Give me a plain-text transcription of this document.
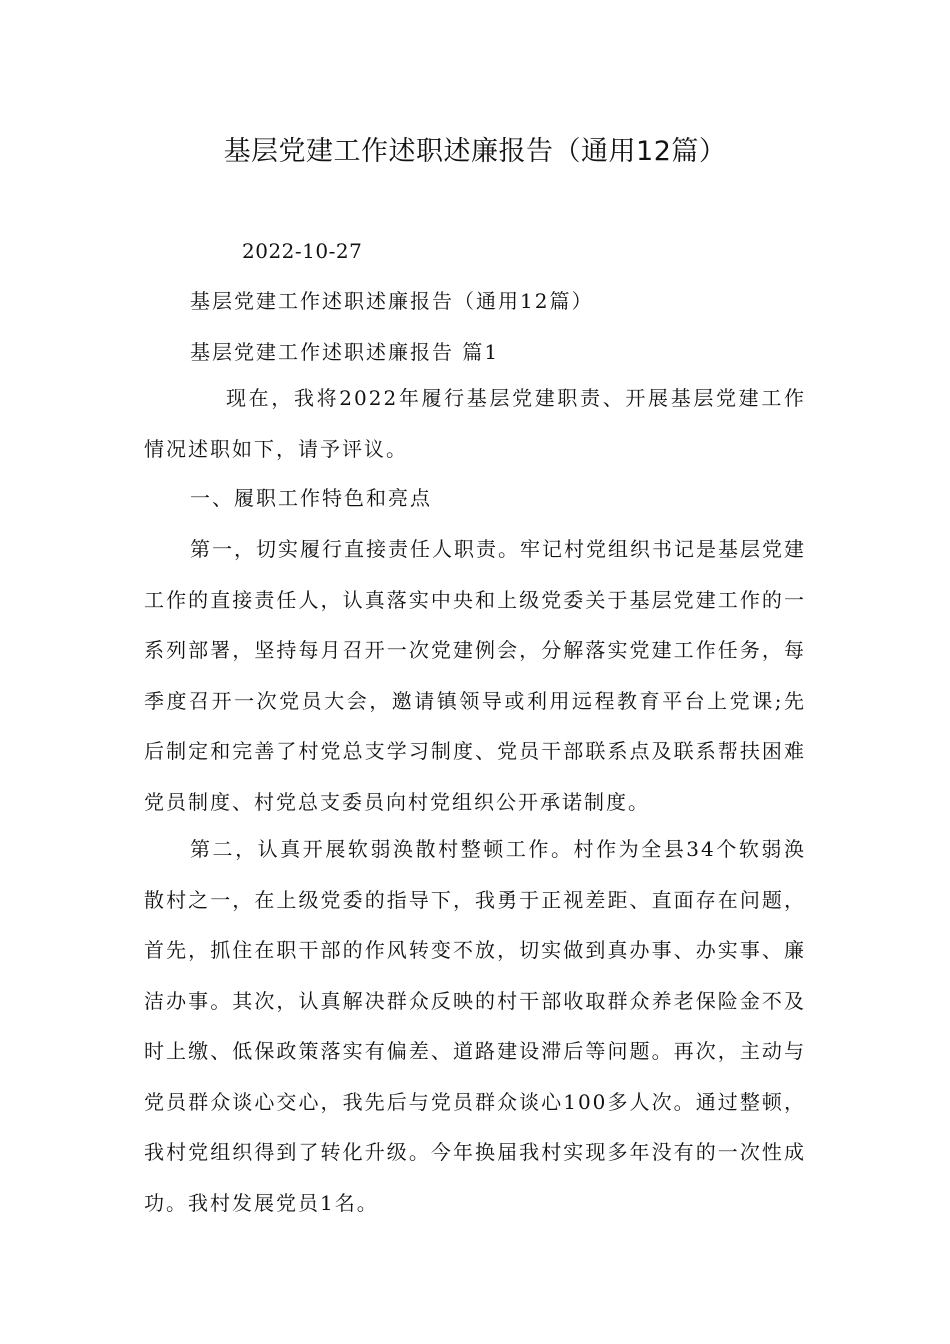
基层党建工作述职述廉报告（通用12篇）
2022-10-27
基层党建工作述职述廉报告（通用12篇）
基层党建工作述职述廉报告 篇1

现在，我将2022年履行基层党建职责、开展基层党建工作情况述职如下，请予评议。

一、履职工作特色和亮点

第一，切实履行直接责任人职责。牢记村党组织书记是基层党建工作的直接责任人，认真落实中央和上级党委关于基层党建工作的一系列部署，坚持每月召开一次党建例会，分解落实党建工作任务，每季度召开一次党员大会，邀请镇领导或利用远程教育平台上党课;先后制定和完善了村党总支学习制度、党员干部联系点及联系帮扶困难党员制度、村党总支委员向村党组织公开承诺制度。

第二，认真开展软弱涣散村整顿工作。村作为全县34个软弱涣散村之一，在上级党委的指导下，我勇于正视差距、直面存在问题，首先，抓住在职干部的作风转变不放，切实做到真办事、办实事、廉洁办事。其次，认真解决群众反映的村干部收取群众养老保险金不及时上缴、低保政策落实有偏差、道路建设滞后等问题。再次，主动与党员群众谈心交心，我先后与党员群众谈心100多人次。通过整顿，我村党组织得到了转化升级。今年换届我村实现多年没有的一次性成功。我村发展党员1名。
